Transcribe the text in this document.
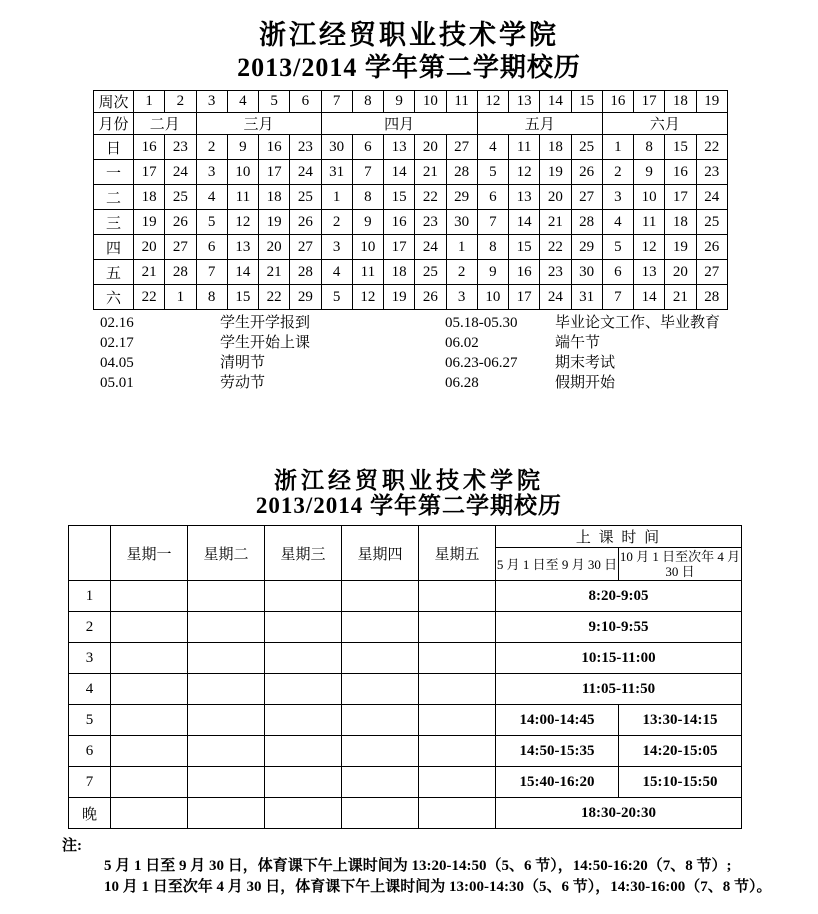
浙江经贸职业技术学院
2013/2014 学年第二学期校历
周次	1	2	3	4	5	6	7	8	9	10	11	12	13	14	15	16	17	18	19
月份	二月		三月				四月					五月				六月			
日	16	23	2	9	16	23	30	6	13	20	27	4	11	18	25	1	8	15	22
一	17	24	3	10	17	24	31	7	14	21	28	5	12	19	26	2	9	16	23
二	18	25	4	11	18	25	1	8	15	22	29	6	13	20	27	3	10	17	24
三	19	26	5	12	19	26	2	9	16	23	30	7	14	21	28	4	11	18	25
四	20	27	6	13	20	27	3	10	17	24	1	8	15	22	29	5	12	19	26
五	21	28	7	14	21	28	4	11	18	25	2	9	16	23	30	6	13	20	27
六	22	1	8	15	22	29	5	12	19	26	3	10	17	24	31	7	14	21	28
02.16	学生开学报到	05.18-05.30	毕业论文工作、毕业教育
02.17	学生开始上课	06.02	端午节
04.05	清明节	06.23-06.27	期末考试
05.01	劳动节	06.28	假期开始
浙江经贸职业技术学院
2013/2014 学年第二学期校历
	星期一	星期二	星期三	星期四	星期五	上 课 时 间	
						5 月 1 日至 9 月 30 日	10 月 1 日至次年 4 月 30 日
1						8:20-9:05	
2						9:10-9:55	
3						10:15-11:00	
4						11:05-11:50	
5						14:00-14:45	13:30-14:15
6						14:50-15:35	14:20-15:05
7						15:40-16:20	15:10-15:50
晚						18:30-20:30	
注:
5 月 1 日至 9 月 30 日，体育课下午上课时间为 13:20-14:50（5、6 节），14:50-16:20（7、8 节）;
10 月 1 日至次年 4 月 30 日，体育课下午上课时间为 13:00-14:30（5、6 节），14:30-16:00（7、8 节）。
